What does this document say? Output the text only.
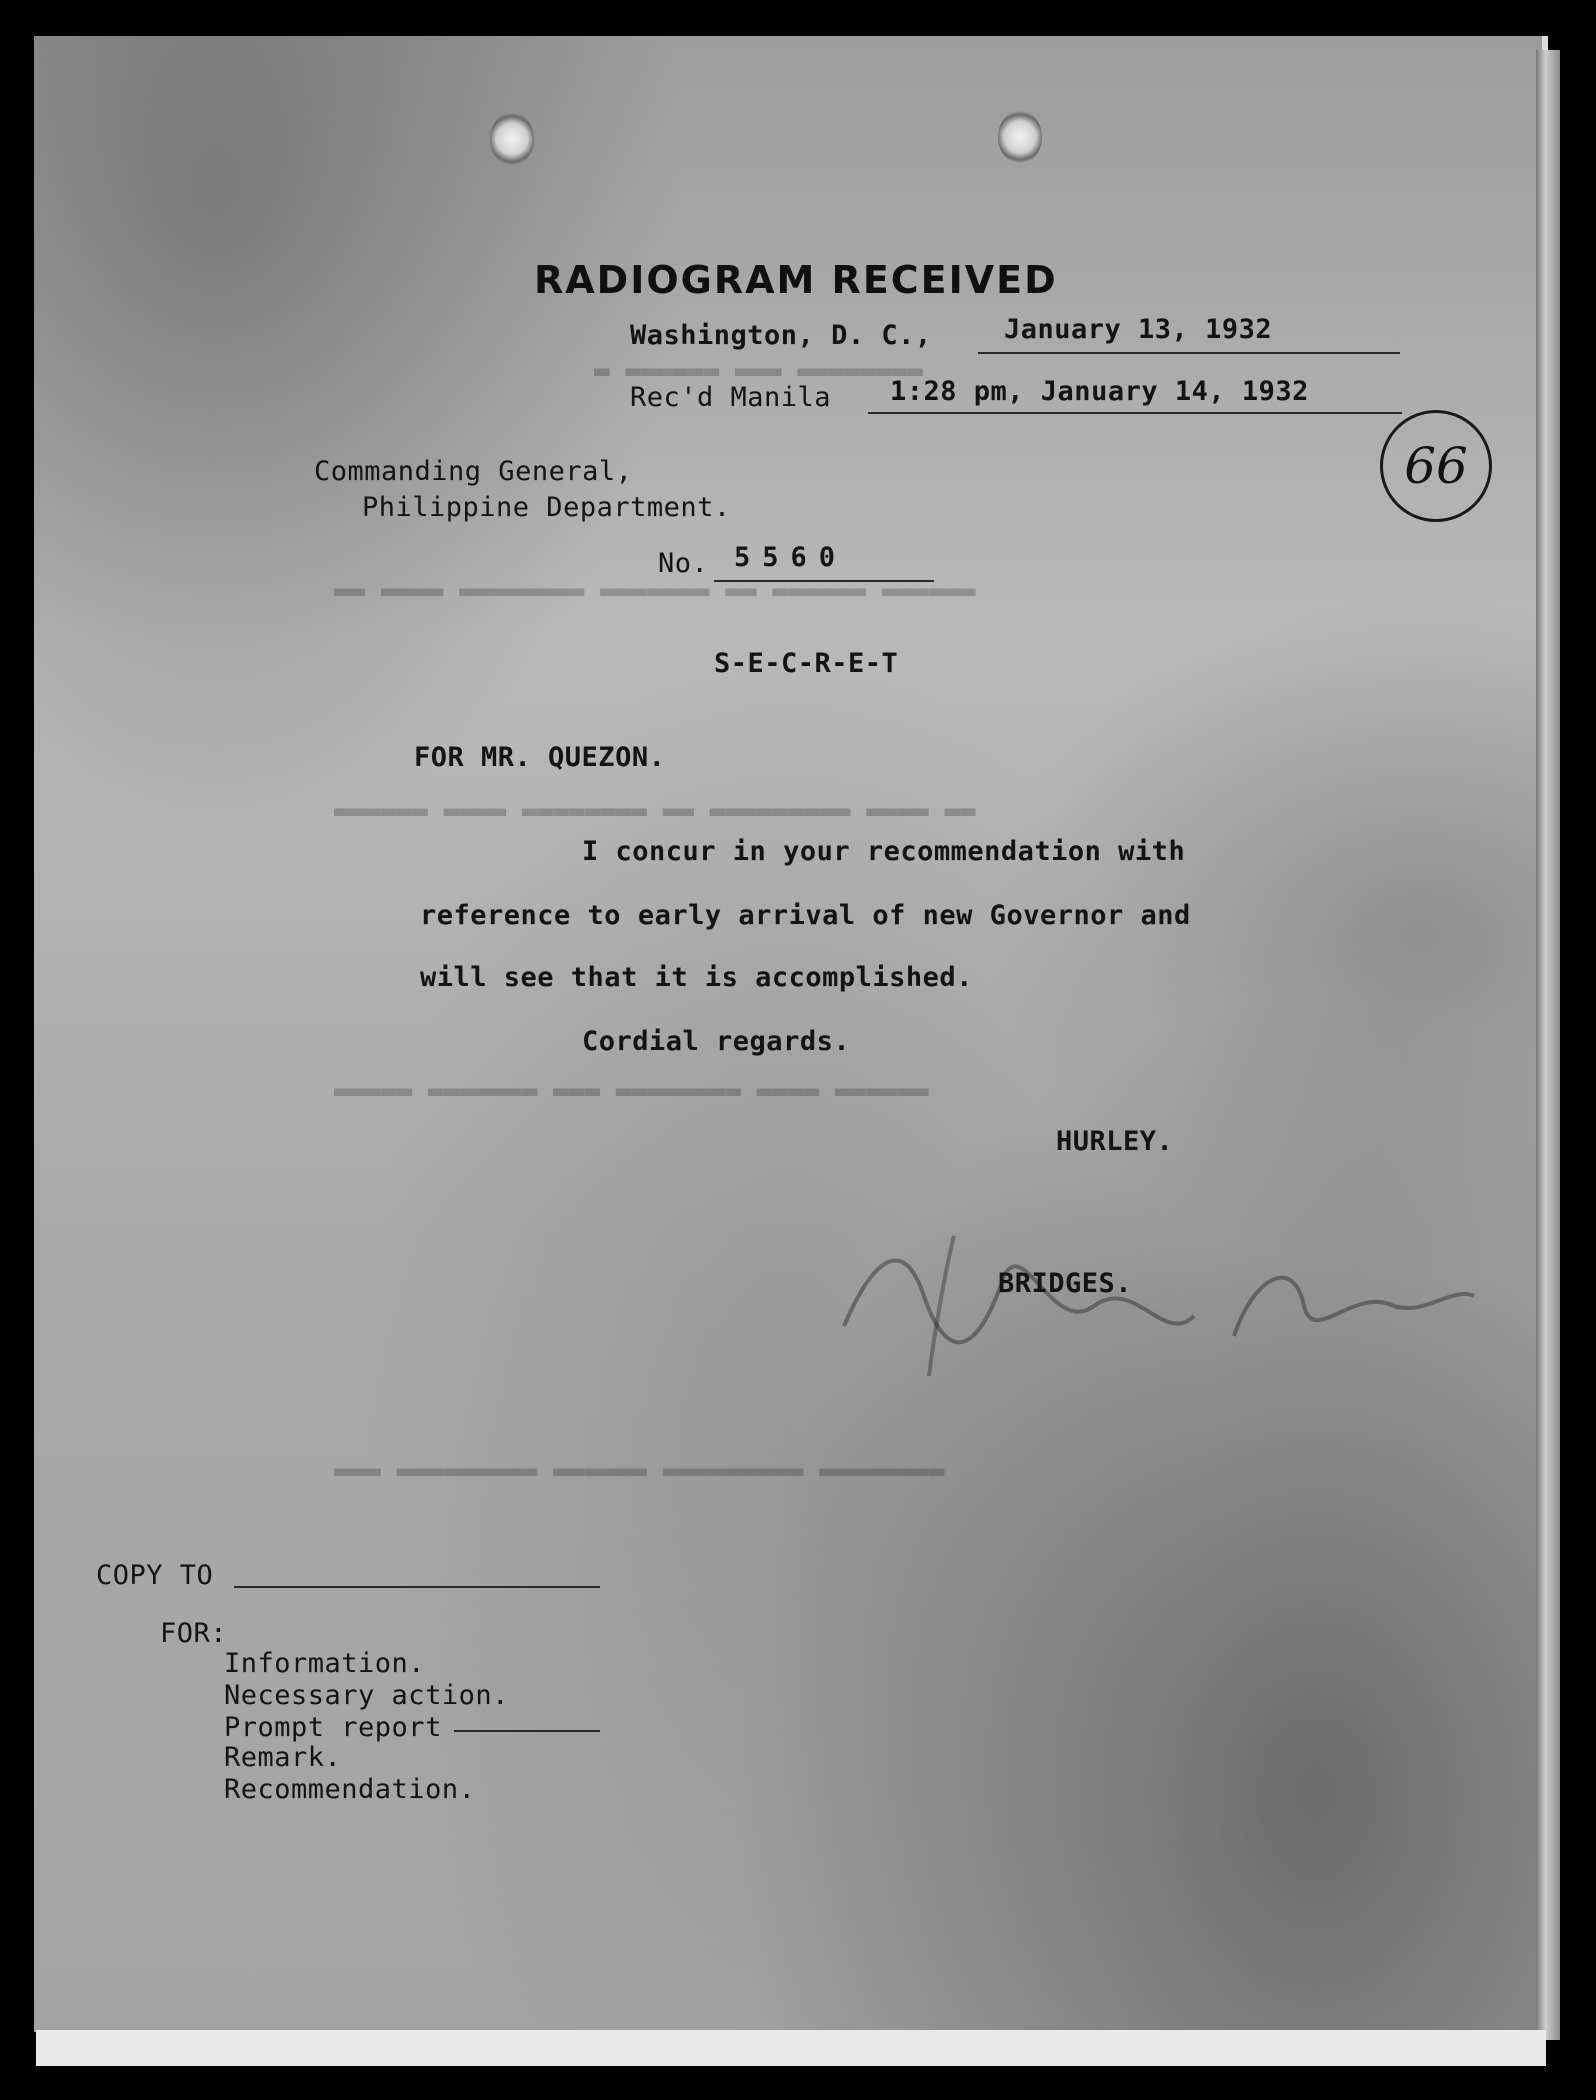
▬ ▬▬▬▬▬▬ ▬▬▬ ▬▬▬▬▬▬▬▬
▬▬ ▬▬▬▬ ▬▬▬▬▬▬▬▬ ▬▬▬▬▬▬▬ ▬▬ ▬▬▬▬▬▬ ▬▬▬▬▬▬
▬▬▬▬▬▬ ▬▬▬▬ ▬▬▬▬▬▬▬▬ ▬▬ ▬▬▬▬▬▬▬▬▬ ▬▬▬▬ ▬▬
▬▬▬▬▬ ▬▬▬▬▬▬▬ ▬▬▬ ▬▬▬▬▬▬▬▬ ▬▬▬▬ ▬▬▬▬▬▬
▬▬▬ ▬▬▬▬▬▬▬▬▬ ▬▬▬▬▬▬ ▬▬▬▬▬▬▬▬▬ ▬▬▬▬▬▬▬▬
RADIOGRAM RECEIVED
Washington, D. C.,	January 13, 1932
Rec'd Manila 1:28 pm, January 14, 1932
66
Commanding General,
Philippine Department.
No. 5560
S-E-C-R-E-T
FOR MR. QUEZON.
I concur in your recommendation with
reference to early arrival of new Governor and
will see that it is accomplished.
Cordial regards.
HURLEY.
BRIDGES.
COPY TO
FOR:
Information.
Necessary action.
Prompt report
Remark.
Recommendation.
